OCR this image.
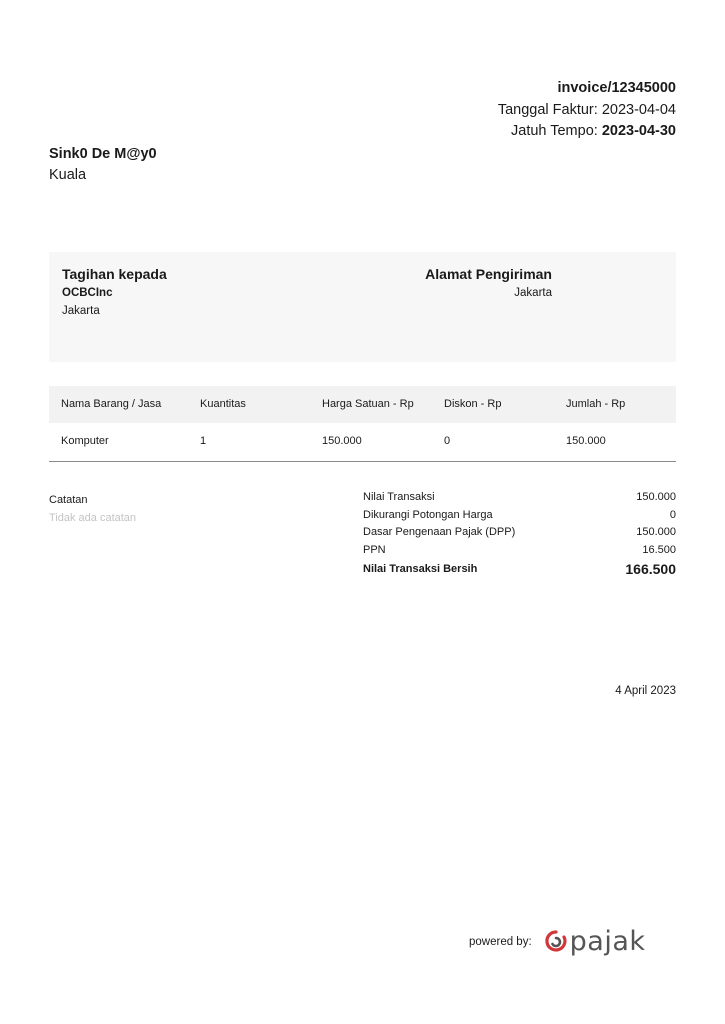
invoice/12345000
Tanggal Faktur: 2023-04-04
Jatuh Tempo: 2023-04-30
Sink0 De M@y0
Kuala
Tagihan kepada
OCBCInc
Jakarta
Alamat Pengiriman
Jakarta
Nama Barang / Jasa	Kuantitas	Harga Satuan - Rp	Diskon - Rp	Jumlah - Rp
Komputer	1	150.000	0	150.000
Catatan
Tidak ada catatan
Nilai Transaksi	150.000
Dikurangi Potongan Harga	0
Dasar Pengenaan Pajak (DPP)	150.000
PPN	16.500
Nilai Transaksi Bersih	166.500
4 April 2023
powered by: pajak
